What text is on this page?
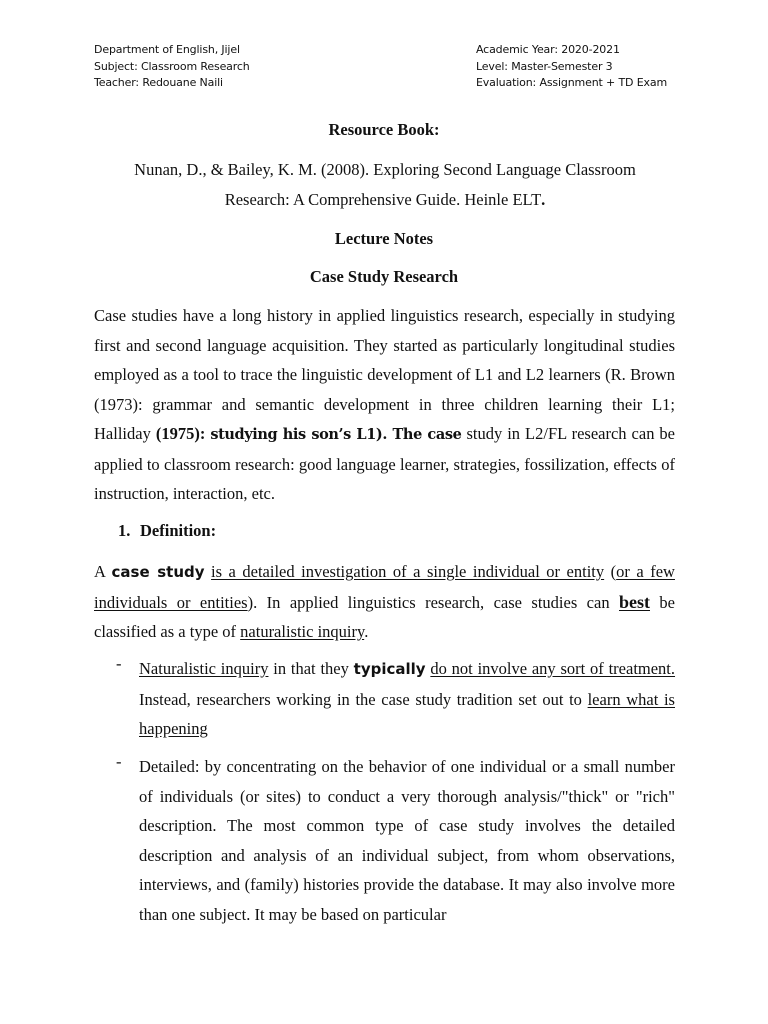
Department of English, Jijel
Subject: Classroom Research
Teacher: Redouane Naili
Academic Year: 2020-2021
Level: Master-Semester 3
Evaluation: Assignment + TD Exam
Resource Book:
Nunan, D., & Bailey, K. M. (2008). Exploring Second Language Classroom
Research: A Comprehensive Guide. Heinle ELT.
Lecture Notes
Case Study Research

Case studies have a long history in applied linguistics research, especially in studying first and second language acquisition. They started as particularly longitudinal studies employed as a tool to trace the linguistic development of L1 and L2 learners (R. Brown (1973): grammar and semantic development in three children learning their L1; Halliday (1975): studying his son’s L1). The case study in L2/FL research can be applied to classroom research: good language learner, strategies, fossilization, effects of instruction, interaction, etc.

1. Definition:

A case study is a detailed investigation of a single individual or entity (or a few individuals or entities). In applied linguistics research, case studies can best be classified as a type of naturalistic inquiry.

- Naturalistic inquiry in that they typically do not involve any sort of treatment. Instead, researchers working in the case study tradition set out to learn what is happening

- Detailed: by concentrating on the behavior of one individual or a small number of individuals (or sites) to conduct a very thorough analysis/"thick" or "rich" description. The most common type of case study involves the detailed description and analysis of an individual subject, from whom observations, interviews, and (family) histories provide the database. It may also involve more than one subject. It may be based on particular
